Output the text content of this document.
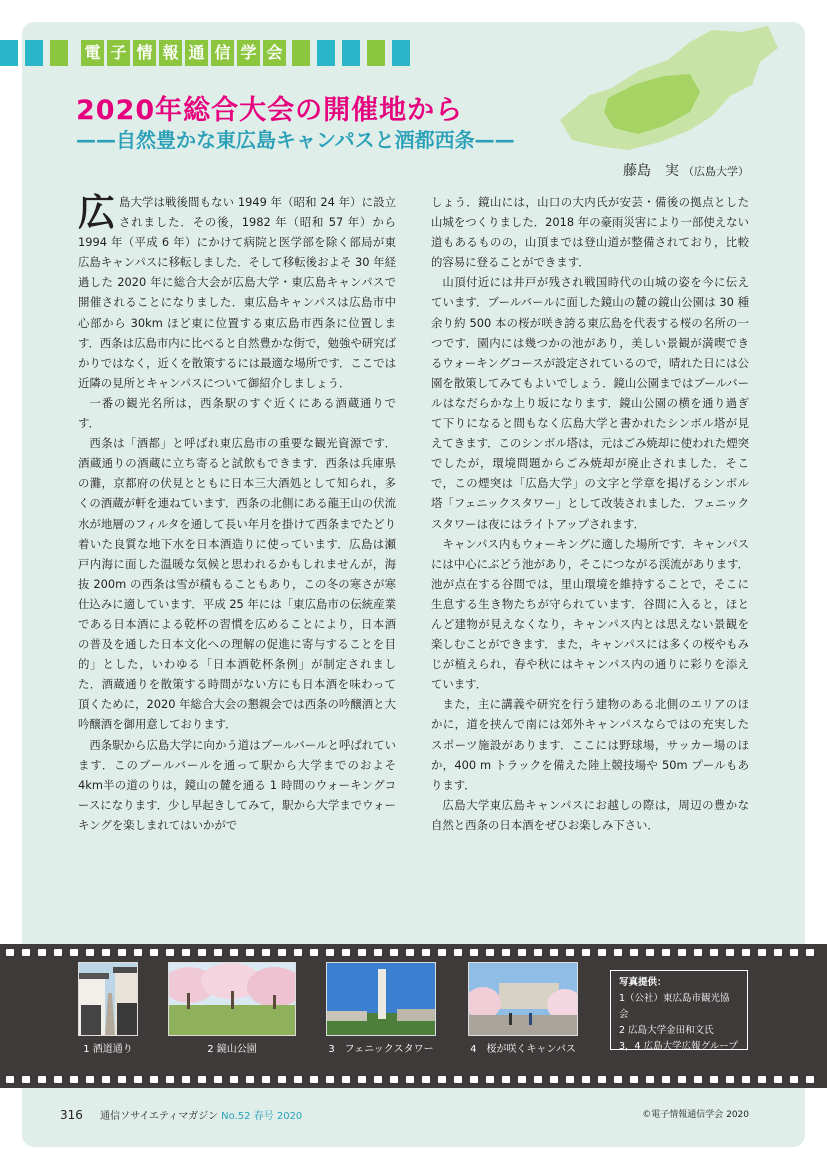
電 子 情 報 通 信 学 会
2020年総合大会の開催地から
——自然豊かな東広島キャンパスと酒都西条——
藤島　実 （広島大学）

広島大学は戦後間もない 1949 年（昭和 24 年）に設立されました．その後，1982 年（昭和 57 年）から 1994 年（平成 6 年）にかけて病院と医学部を除く部局が東広島キャンパスに移転しました．そして移転後およそ 30 年経過した 2020 年に総合大会が広島大学・東広島キャンパスで開催されることになりました．東広島キャンパスは広島市中心部から 30km ほど東に位置する東広島市西条に位置します．西条は広島市内に比べると自然豊かな街で，勉強や研究ばかりではなく，近くを散策するには最適な場所です．ここでは近隣の見所とキャンパスについて御紹介しましょう．

一番の観光名所は，西条駅のすぐ近くにある酒蔵通りです．

西条は「酒都」と呼ばれ東広島市の重要な観光資源です．酒蔵通りの酒蔵に立ち寄ると試飲もできます．西条は兵庫県の灘，京都府の伏見とともに日本三大酒処として知られ，多くの酒蔵が軒を連ねています．西条の北側にある龍王山の伏流水が地層のフィルタを通して長い年月を掛けて西条までたどり着いた良質な地下水を日本酒造りに使っています．広島は瀬戸内海に面した温暖な気候と思われるかもしれませんが，海抜 200m の西条は雪が積もることもあり，この冬の寒さが寒仕込みに適しています．平成 25 年には「東広島市の伝統産業である日本酒による乾杯の習慣を広めることにより，日本酒の普及を通した日本文化への理解の促進に寄与することを目的」とした，いわゆる「日本酒乾杯条例」が制定されました．酒蔵通りを散策する時間がない方にも日本酒を味わって頂くために，2020 年総合大会の懇親会では西条の吟醸酒と大吟醸酒を御用意しております．

西条駅から広島大学に向かう道はブールバールと呼ばれています．このブールバールを通って駅から大学までのおよそ 4km半の道のりは，鏡山の麓を通る 1 時間のウォーキングコースになります．少し早起きしてみて，駅から大学までウォーキングを楽しまれてはいかがで

しょう．鏡山には，山口の大内氏が安芸・備後の拠点とした山城をつくりました．2018 年の豪雨災害により一部使えない道もあるものの，山頂までは登山道が整備されており，比較的容易に登ることができます．

山頂付近には井戸が残され戦国時代の山城の姿を今に伝えています．ブールバールに面した鏡山の麓の鏡山公園は 30 種余り約 500 本の桜が咲き誇る東広島を代表する桜の名所の一つです．園内には幾つかの池があり，美しい景観が満喫できるウォーキングコースが設定されているので，晴れた日には公園を散策してみてもよいでしょう．鏡山公園まではブールバールはなだらかな上り坂になります．鏡山公園の横を通り過ぎて下りになると間もなく広島大学と書かれたシンボル塔が見えてきます．このシンボル塔は，元はごみ焼却に使われた煙突でしたが，環境問題からごみ焼却が廃止されました．そこで，この煙突は「広島大学」の文字と学章を掲げるシンボル塔「フェニックスタワー」として改装されました．フェニックスタワーは夜にはライトアップされます．

キャンパス内もウォーキングに適した場所です．キャンパスには中心にぶどう池があり，そこにつながる渓流があります．池が点在する谷間では，里山環境を維持することで，そこに生息する生き物たちが守られています．谷間に入ると，ほとんど建物が見えなくなり，キャンパス内とは思えない景観を楽しむことができます．また，キャンパスには多くの桜やもみじが植えられ，春や秋にはキャンパス内の通りに彩りを添えています．

また，主に講義や研究を行う建物のある北側のエリアのほかに，道を挟んで南には郊外キャンパスならではの充実したスポーツ施設があります．ここには野球場，サッカー場のほか，400 m トラックを備えた陸上競技場や 50m プールもあります．

広島大学東広島キャンパスにお越しの際は，周辺の豊かな自然と西条の日本酒をぜひお楽しみ下さい．

1 酒道通り	2 鏡山公園	3　フェニックスタワー	4　桜が咲くキャンパス
写真提供：
1（公社）東広島市観光協会
2 広島大学金田和文氏
3，4 広島大学広報グループ
316 通信ソサイエティマガジン No.52 春号 2020	©電子情報通信学会 2020
